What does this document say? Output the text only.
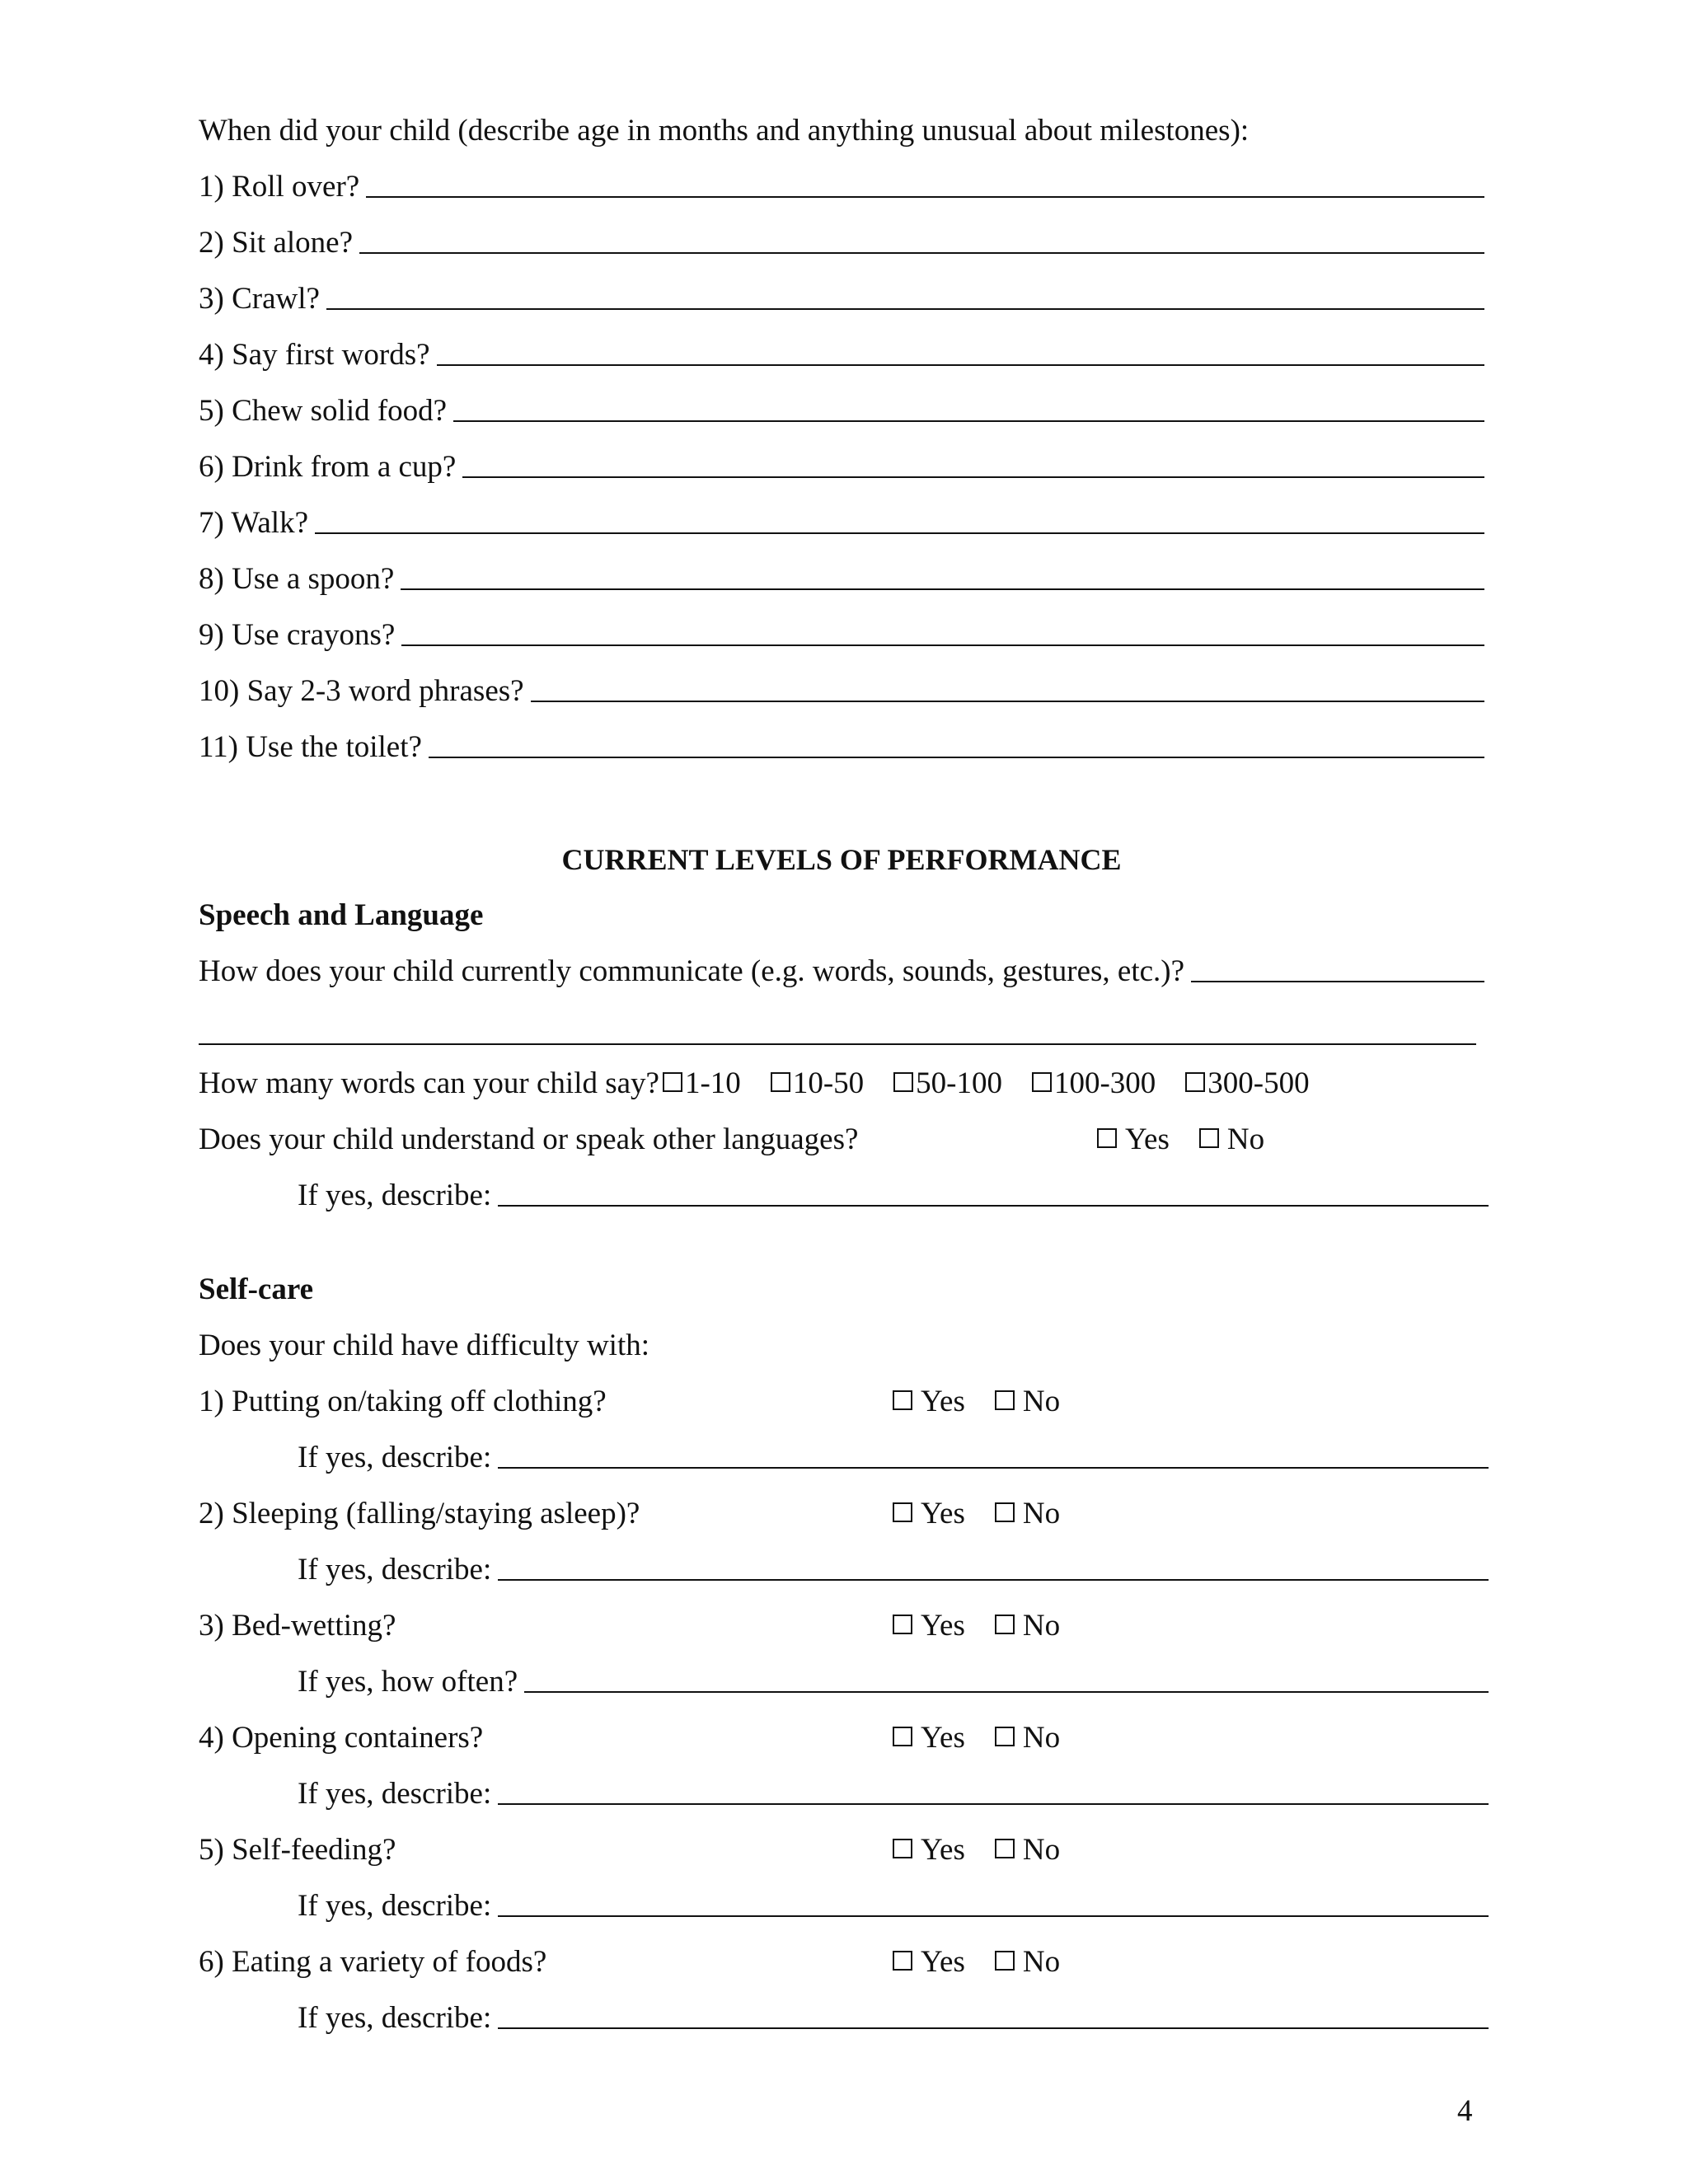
When did your child (describe age in months and anything unusual about milestones):
1) Roll over?
2) Sit alone?
3) Crawl?
4) Say first words?
5) Chew solid food?
6) Drink from a cup?
7) Walk?
8) Use a spoon?
9) Use crayons?
10) Say 2-3 word phrases?
11) Use the toilet?
CURRENT LEVELS OF PERFORMANCE
Speech and Language
How does your child currently communicate (e.g. words, sounds, gestures, etc.)?
How many words can your child say? 1-10 10-50 50-100 100-300 300-500
Does your child understand or speak other languages?	Yes No
If yes, describe:
Self-care
Does your child have difficulty with:
1) Putting on/taking off clothing?	Yes No
If yes, describe:
2) Sleeping (falling/staying asleep)?	Yes No
If yes, describe:
3) Bed-wetting?	Yes No
If yes, how often?
4) Opening containers?	Yes No
If yes, describe:
5) Self-feeding?	Yes No
If yes, describe:
6) Eating a variety of foods?	Yes No
If yes, describe:
4
